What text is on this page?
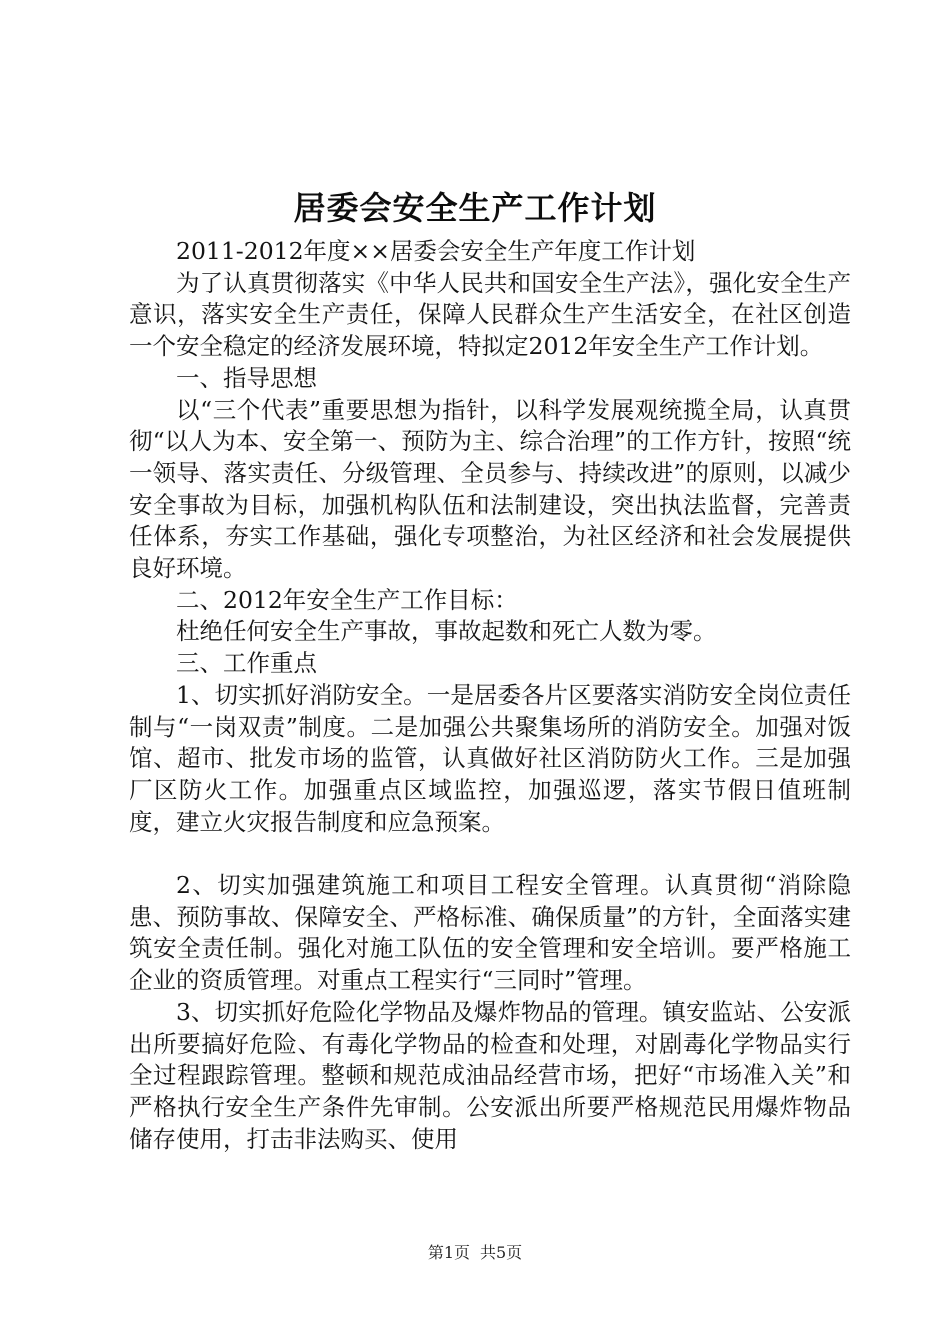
居委会安全生产工作计划

2011-2012年度××居委会安全生产年度工作计划

为了认真贯彻落实《中华人民共和国安全生产法》，强化安全生产意识，落实安全生产责任，保障人民群众生产生活安全，在社区创造一个安全稳定的经济发展环境，特拟定2012年安全生产工作计划。

一、指导思想

以“三个代表”重要思想为指针，以科学发展观统揽全局，认真贯彻“以人为本、安全第一、预防为主、综合治理”的工作方针，按照“统一领导、落实责任、分级管理、全员参与、持续改进”的原则，以减少安全事故为目标，加强机构队伍和法制建设，突出执法监督，完善责任体系，夯实工作基础，强化专项整治，为社区经济和社会发展提供良好环境。

二、2012年安全生产工作目标：

杜绝任何安全生产事故，事故起数和死亡人数为零。

三、工作重点

1、切实抓好消防安全。一是居委各片区要落实消防安全岗位责任制与“一岗双责”制度。二是加强公共聚集场所的消防安全。加强对饭馆、超市、批发市场的监管，认真做好社区消防防火工作。三是加强厂区防火工作。加强重点区域监控，加强巡逻，落实节假日值班制度，建立火灾报告制度和应急预案。

2、切实加强建筑施工和项目工程安全管理。认真贯彻“消除隐患、预防事故、保障安全、严格标准、确保质量”的方针，全面落实建筑安全责任制。强化对施工队伍的安全管理和安全培训。要严格施工企业的资质管理。对重点工程实行“三同时”管理。

3、切实抓好危险化学物品及爆炸物品的管理。镇安监站、公安派出所要搞好危险、有毒化学物品的检查和处理，对剧毒化学物品实行全过程跟踪管理。整顿和规范成油品经营市场，把好“市场准入关”和严格执行安全生产条件先审制。公安派出所要严格规范民用爆炸物品储存使用，打击非法购买、使用

第1页 共5页
